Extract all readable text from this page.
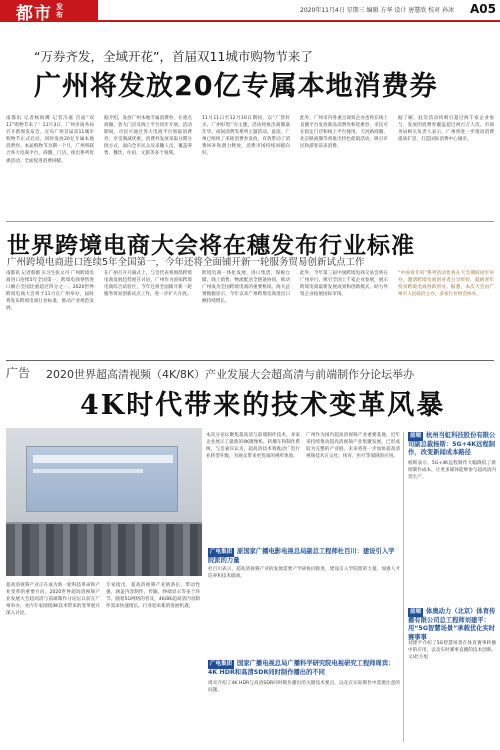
都市 发布
2020年11月4日 星期三 编辑 方华 设计 唐慧欣 校对 孙冰 A05
“万券齐发，全域开花”，首届双11城市购物节来了
广州将发放20亿专属本地消费券
南都讯 记者杨海鹰 记者冯嘉 首届“双11”购物节来了！11月3日，广州市商务局召开新闻发布会，宣布广州首届双11城市购物节正式启动，同时发放20亿专属本地消费券。本届购物节为期一个月，广州将联合各大电商平台、商圈、门店，推出系列优惠活动，全面促进消费回暖。
据介绍，发放广州本地专属消费券，在重点商圈、各大门店及线上平台同步开展。活动期间，市民可通过各大电商平台领取消费券，享受满减优惠。消费券发放采取分期分批方式，面向全市民众及来穗人员，覆盖零售、餐饮、住宿、文旅等多个领域。
11月11日至12月10日期间，以“广货好买、广州好逛”为主题，活动将推出商圈嘉年华、夜间消费等系列主题活动。此前，广州已组织了多轮消费券发放，有效带动了消费回补和潜力释放，消费市场持续回暖向好。
此外，广州市内各重点商贸企业也将在线上直播平台发放新品消费券和优惠券，市民可在指定门店和线上平台使用。天河路商圈、北京路商圈等将推出特色促销活动，吸引市民和游客前来消费。
据了解，此次活动将吸引超过两千家企业参与，发放的消费券覆盖超过两百万人次。市商务局相关负责人表示，广州将进一步推动消费提质扩容，打造国际消费中心城市。
世界跨境电商大会将在穗发布行业标准
广州跨境电商进口连续5年全国第一，今年还将全面铺开新一轮服务贸易创新试点工作
南都讯 记者蔡薇 实习生张文丹 广州跨境电商进口连续5年全国第一，跨境电商零售进口额占全国比重超过四分之一。2020世界跨境电商大会将于11月在广州举办，届时将发布跨境电商行业标准，推动产业规范发展。
在广州召开开幕式上，与会代表将围绕跨境电商发展趋势展开讨论。广州作为国家跨境电商综合试验区，今年还将全面铺开新一轮服务贸易创新试点工作，进一步扩大开放。
跨境电商一体化发展，进口集货、保税仓储、线上销售、物流配送全链条协同，推动广州成为全国跨境电商的重要枢纽。海关总署数据显示，今年以来广州跨境电商进出口额持续增长。
此外，今年第三届中国跨境电商交易会将在广州举行，吸引全国上千家企业参展，展示跨境电商最新发展成果和创新模式，助力外贸企业拓展国际市场。
“中国青年说”系列活动也将在大会期间同步举办，邀请跨境电商创业者分享经验，鼓励青年投身跨境电商创新创业。据悉，本次大会由广州市人民政府主办，多家行业协会协办。
广告 2020世界超高清视频（4K/8K）产业发展大会超高清与前端制作分论坛举办
4K时代带来的技术变革风暴
超高清视频产业正在成为新一轮科技革命和产业变革的重要方向。2020世界超高清视频产业发展大会超高清与前端制作分论坛日前在广州举办，业内专家围绕4K技术带来的变革展开深入讨论。
专家指出，超高清视频产业链条长、带动性强，涵盖内容制作、传输、终端显示等多个环节。随着5G网络的普及，4K/8K超高清内容制作需求快速增长，行业迎来新的发展机遇。
本次分论坛聚焦超高清与前端制作技术，多家企业展示了最新的4K摄像机、转播车和制作系统。与会嘉宾认为，超高清技术将推动广电行业转型升级，为观众带来更优质的视听体验。
广州作为国内超高清视频产业重要基地，近年来持续推动超高清视频产业集聚发展，已形成较为完整的产业链。未来将进一步加快超高清视频技术在文化、体育、医疗等领域的应用。
广电集团 原国家广播电影电视总局副总工程师杜百川：建设引入学院派的力量
杜百川表示，超高清视频产业的发展需要产学研协同推进，建设引入学院派的力量，加强人才培养和技术储备。
广电集团 国家广播电视总局广播科学研究院电视研究工程师周宾：4K HDR和高清SDR同时制作播出的不同
周宾介绍了4K HDR与高清SDR同时制作播出的关键技术要点，以及在实际制作中需要注意的问题。
前端 杭州当虹科技股份有限公司副总裁杨斯：5G+4K远程制作，改变新闻成本路径
杨斯表示，5G+4K远程制作大幅降低了新闻制作成本，让更多媒体能够参与超高清内容生产。
前端 体奥动力（北京）体育传播有限公司总工程师刘建平：用“5G智慧场景”承载优化实时赛事事
刘建平介绍了5G智慧场景在体育赛事转播中的应用，以及实时赛事直播的技术创新。文/赵方旭
